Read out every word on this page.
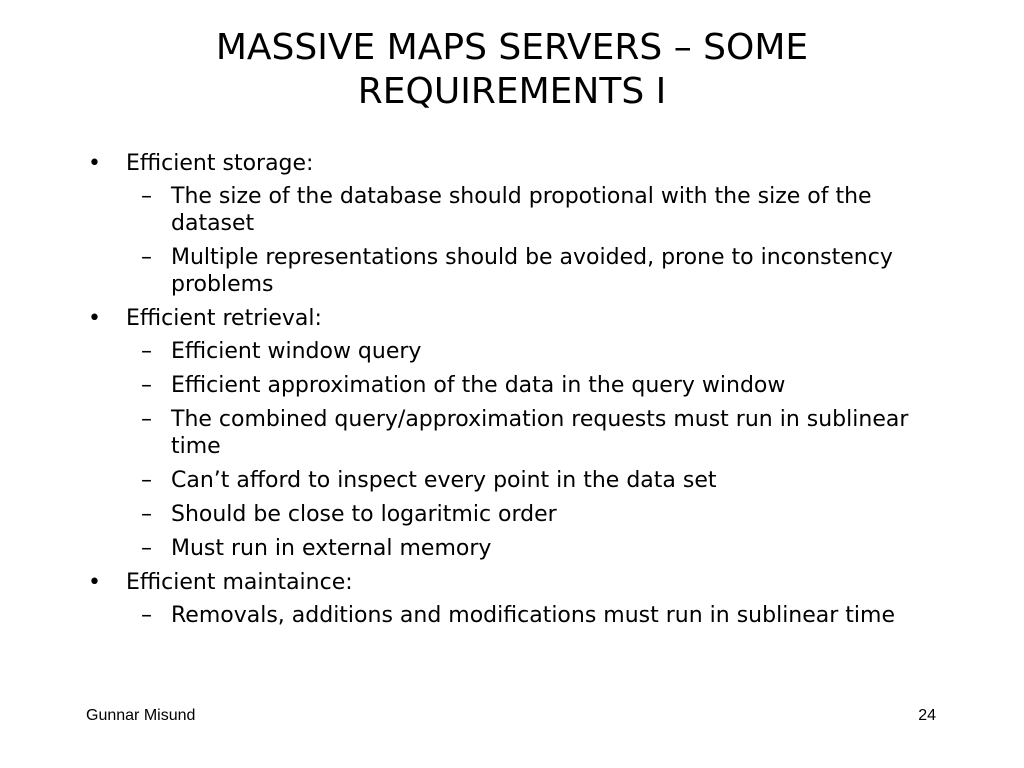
MASSIVE MAPS SERVERS – SOME
REQUIREMENTS I
•	Efficient storage:
– The size of the database should propotional with the size of the dataset
– Multiple representations should be avoided, prone to inconstency problems
•	Efficient retrieval:
– Efficient window query
– Efficient approximation of the data in the query window
– The combined query/approximation requests must run in sublinear time
– Can’t afford to inspect every point in the data set
– Should be close to logaritmic order
– Must run in external memory
•	Efficient maintaince:
– Removals, additions and modifications must run in sublinear time
Gunnar Misund	24
